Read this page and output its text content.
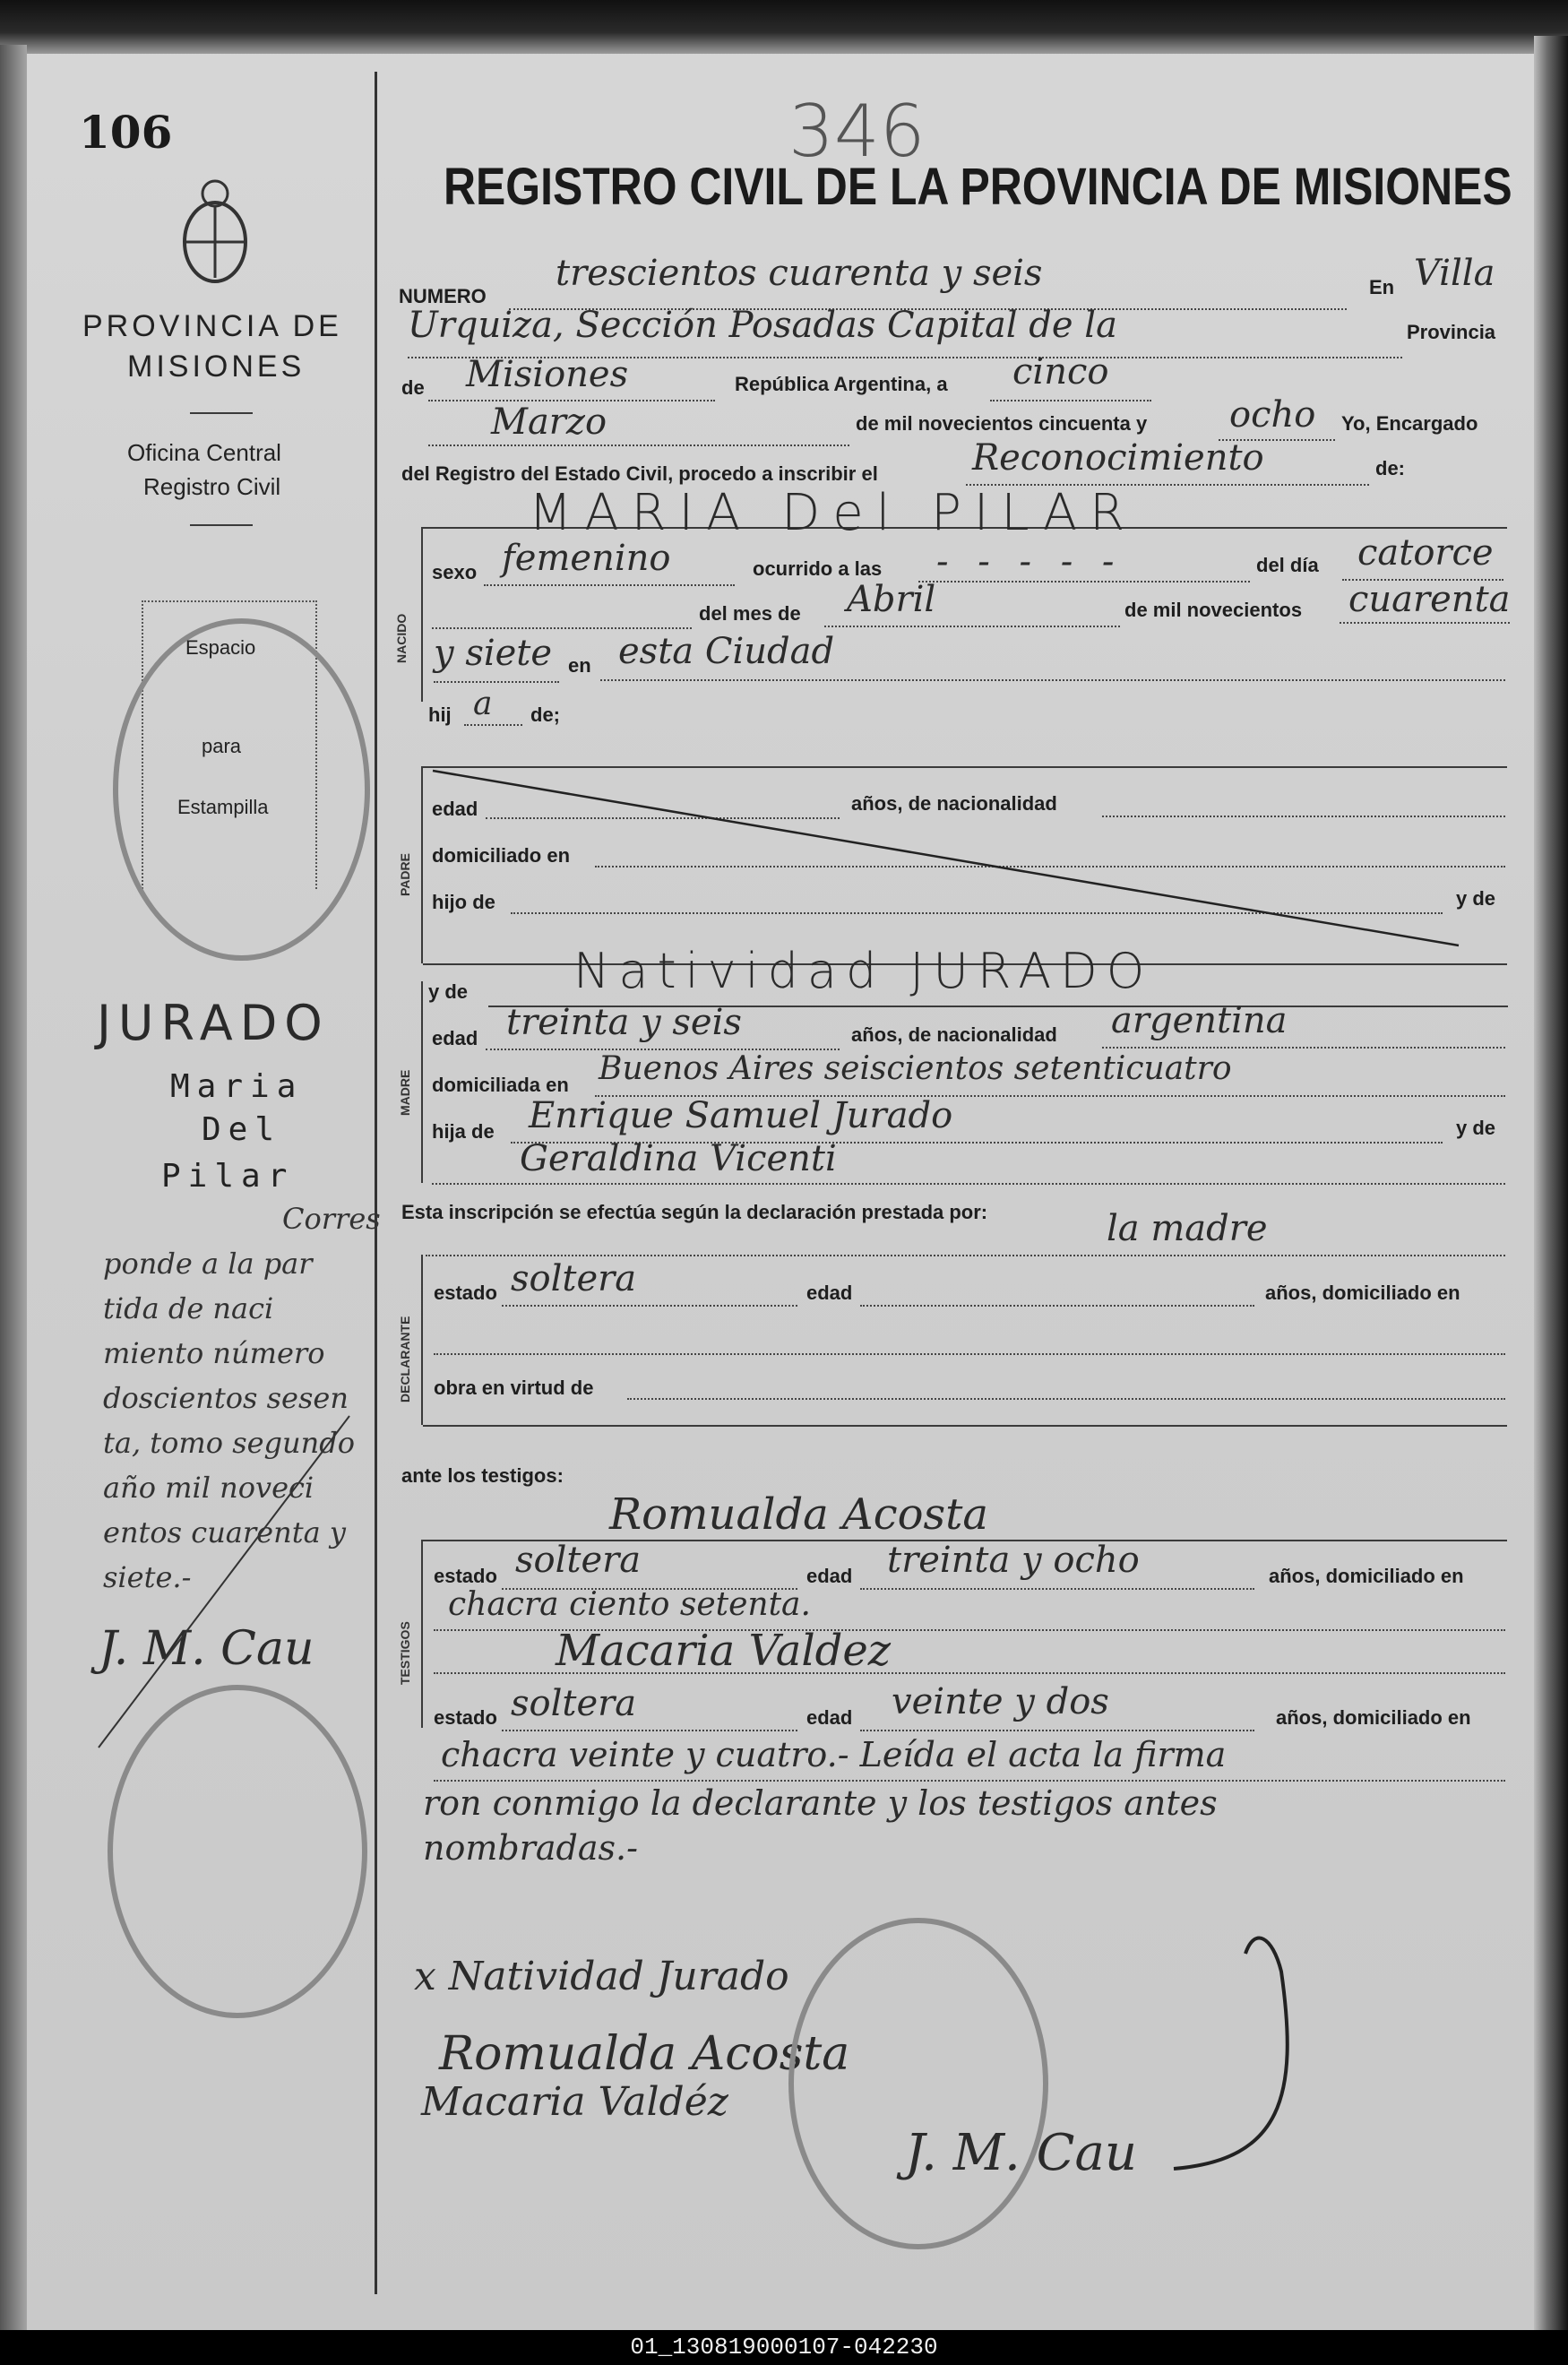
106
PROVINCIA DE
MISIONES
Oficina Central
Registro Civil
Espacio
para
Estampilla
JURADO
Maria
Del
Pilar
Corres
ponde a la par
tida de naci
miento número
doscientos sesen
ta, tomo segundo
año mil noveci
entos cuarenta y
siete.-
J. M. Cau
346
REGISTRO CIVIL DE LA PROVINCIA DE MISIONES
NUMERO
trescientos cuarenta y seis	En Villa
Urquiza, Sección Posadas Capital de la	Provincia
de Misiones	República Argentina, a cinco
Marzo	de mil novecientos cincuenta y ocho Yo, Encargado
del Registro del Estado Civil, procedo a inscribir el	Reconocimiento	de:
NACIDO
MARIA Del PILAR
sexo femenino	ocurrido a las - - - - -	del día catorce
del mes de Abril	de mil novecientos cuarenta
y siete en esta Ciudad
hij a de;
PADRE
edad	años, de nacionalidad
domiciliado en
hijo de	y de
MADRE
y de Natividad JURADO
edad treinta y seis	años, de nacionalidad argentina
domiciliada en Buenos Aires seiscientos setenticuatro
hija de Enrique Samuel Jurado	y de
Geraldina Vicenti
Esta inscripción se efectúa según la declaración prestada por:	la madre
DECLARANTE
estado soltera	edad	años, domiciliado en
obra en virtud de
ante los testigos:
Romualda Acosta
TESTIGOS
estado soltera	edad treinta y ocho	años, domiciliado en
chacra ciento setenta.
Macaria Valdez
estado soltera	edad veinte y dos	años, domiciliado en
chacra veinte y cuatro.- Leída el acta la firma
ron conmigo la declarante y los testigos antes
nombradas.-
x Natividad Jurado
Romualda Acosta
Macaria Valdéz
J. M. Cau
01_130819000107-042230
